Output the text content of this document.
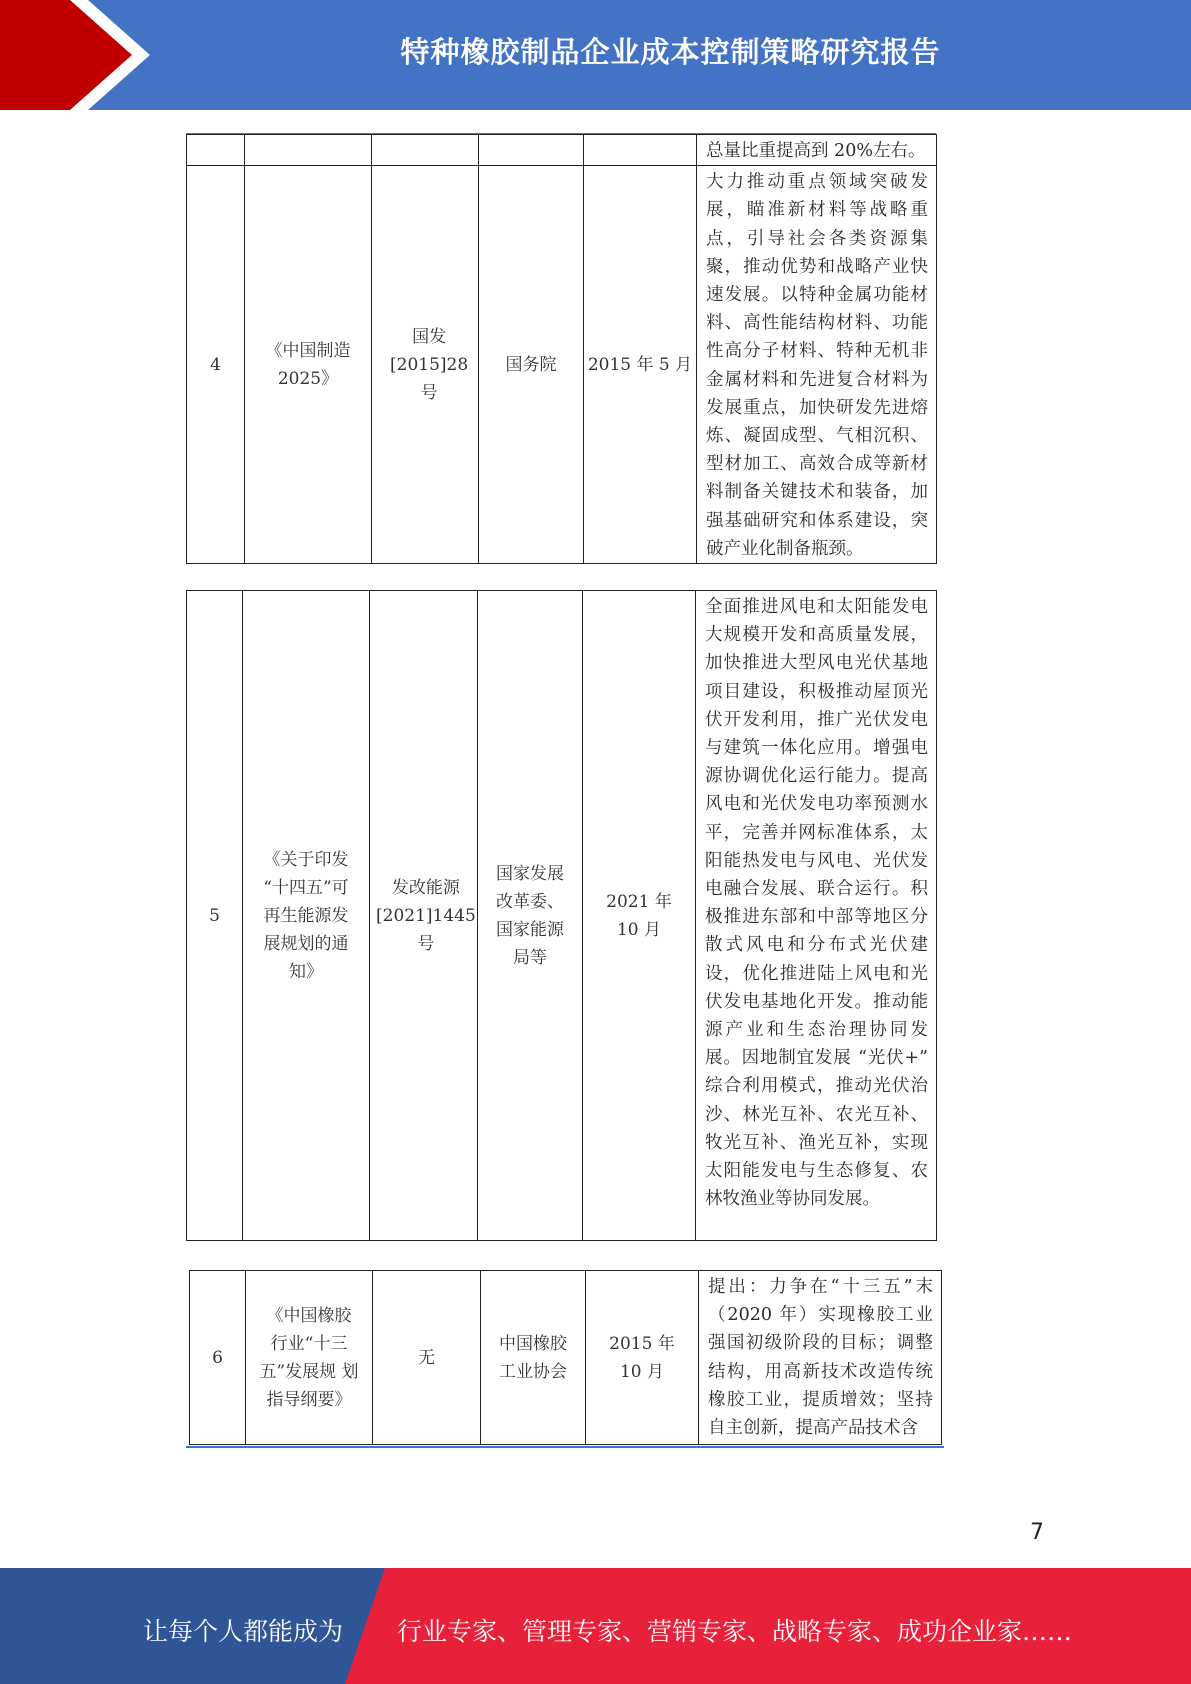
特种橡胶制品企业成本控制策略研究报告
					总量比重提高到 20%左右。
4	《中国制造 2025》	国发 [2015]28 号	国务院	2015 年 5 月	大力推动重点领域突破发展，瞄准新材料等战略重点，引导社会各类资源集聚，推动优势和战略产业快速发展。以特种金属功能材料、高性能结构材料、功能性高分子材料、特种无机非金属材料和先进复合材料为发展重点，加快研发先进熔炼、凝固成型、气相沉积、型材加工、高效合成等新材料制备关键技术和装备，加强基础研究和体系建设，突破产业化制备瓶颈。
5	《关于印发 “十四五”可 再生能源发 展规划的通 知》	发改能源 [2021]1445 号	国家发展 改革委、 国家能源 局等	2021 年 10 月	全面推进风电和太阳能发电大规模开发和高质量发展，加快推进大型风电光伏基地项目建设，积极推动屋顶光伏开发利用，推广光伏发电与建筑一体化应用。增强电源协调优化运行能力。提高风电和光伏发电功率预测水平，完善并网标准体系，太阳能热发电与风电、光伏发电融合发展、联合运行。积极推进东部和中部等地区分散式风电和分布式光伏建设，优化推进陆上风电和光伏发电基地化开发。推动能源产业和生态治理协同发展。因地制宜发展 “光伏+” 综合利用模式，推动光伏治沙、林光互补、农光互补、牧光互补、渔光互补，实现太阳能发电与生态修复、农林牧渔业等协同发展。
6	《中国橡胶 行业“十三 五”发展规 划指导纲要》	无	中国橡胶 工业协会	2015 年 10 月	提出：力争在“十三五”末（2020 年）实现橡胶工业强国初级阶段的目标；调整结构，用高新技术改造传统橡胶工业，提质增效；坚持自主创新，提高产品技术含
7
让每个人都能成为 行业专家、管理专家、营销专家、战略专家、成功企业家……
